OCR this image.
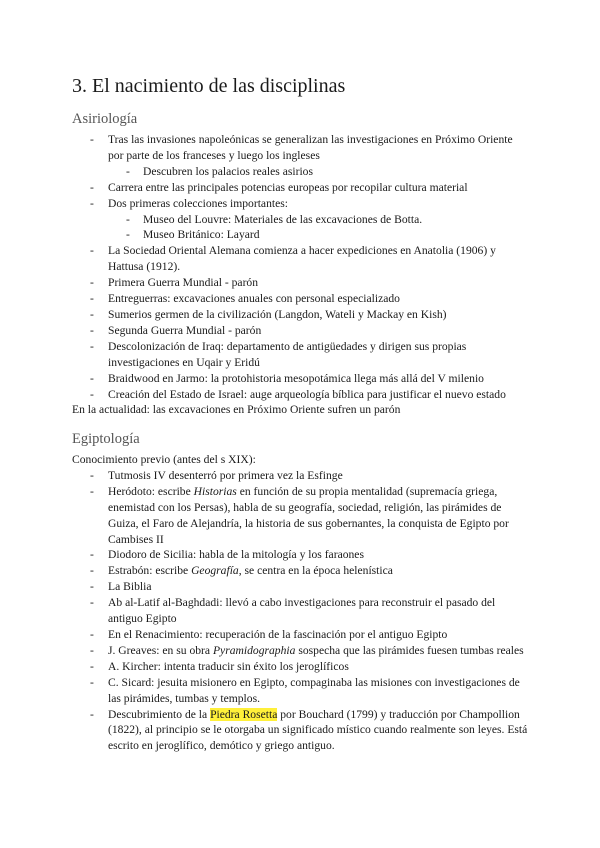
3. El nacimiento de las disciplinas
Asiriología
- Tras las invasiones napoleónicas se generalizan las investigaciones en Próximo Oriente por parte de los franceses y luego los ingleses
- Descubren los palacios reales asirios
- Carrera entre las principales potencias europeas por recopilar cultura material
- Dos primeras colecciones importantes:
- Museo del Louvre: Materiales de las excavaciones de Botta.
- Museo Británico: Layard
- La Sociedad Oriental Alemana comienza a hacer expediciones en Anatolia (1906) y Hattusa (1912).
- Primera Guerra Mundial - parón
- Entreguerras: excavaciones anuales con personal especializado
- Sumerios germen de la civilización (Langdon, Wateli y Mackay en Kish)
- Segunda Guerra Mundial - parón
- Descolonización de Iraq: departamento de antigüedades y dirigen sus propias investigaciones en Uqair y Eridú
- Braidwood en Jarmo: la protohistoria mesopotámica llega más allá del V milenio
- Creación del Estado de Israel: auge arqueología bíblica para justificar el nuevo estado

En la actualidad: las excavaciones en Próximo Oriente sufren un parón

Egiptología

Conocimiento previo (antes del s XIX):

- Tutmosis IV desenterró por primera vez la Esfinge
- Heródoto: escribe Historias en función de su propia mentalidad (supremacía griega, enemistad con los Persas), habla de su geografía, sociedad, religión, las pirámides de Guiza, el Faro de Alejandría, la historia de sus gobernantes, la conquista de Egipto por Cambises II
- Diodoro de Sicilia: habla de la mitología y los faraones
- Estrabón: escribe Geografía, se centra en la época helenística
- La Biblia
- Ab al-Latif al-Baghdadi: llevó a cabo investigaciones para reconstruir el pasado del antiguo Egipto
- En el Renacimiento: recuperación de la fascinación por el antiguo Egipto
- J. Greaves: en su obra Pyramidographia sospecha que las pirámides fuesen tumbas reales
- A. Kircher: intenta traducir sin éxito los jeroglíficos
- C. Sicard: jesuita misionero en Egipto, compaginaba las misiones con investigaciones de las pirámides, tumbas y templos.
- Descubrimiento de la Piedra Rosetta por Bouchard (1799) y traducción por Champollion (1822), al principio se le otorgaba un significado místico cuando realmente son leyes. Está escrito en jeroglífico, demótico y griego antiguo.
